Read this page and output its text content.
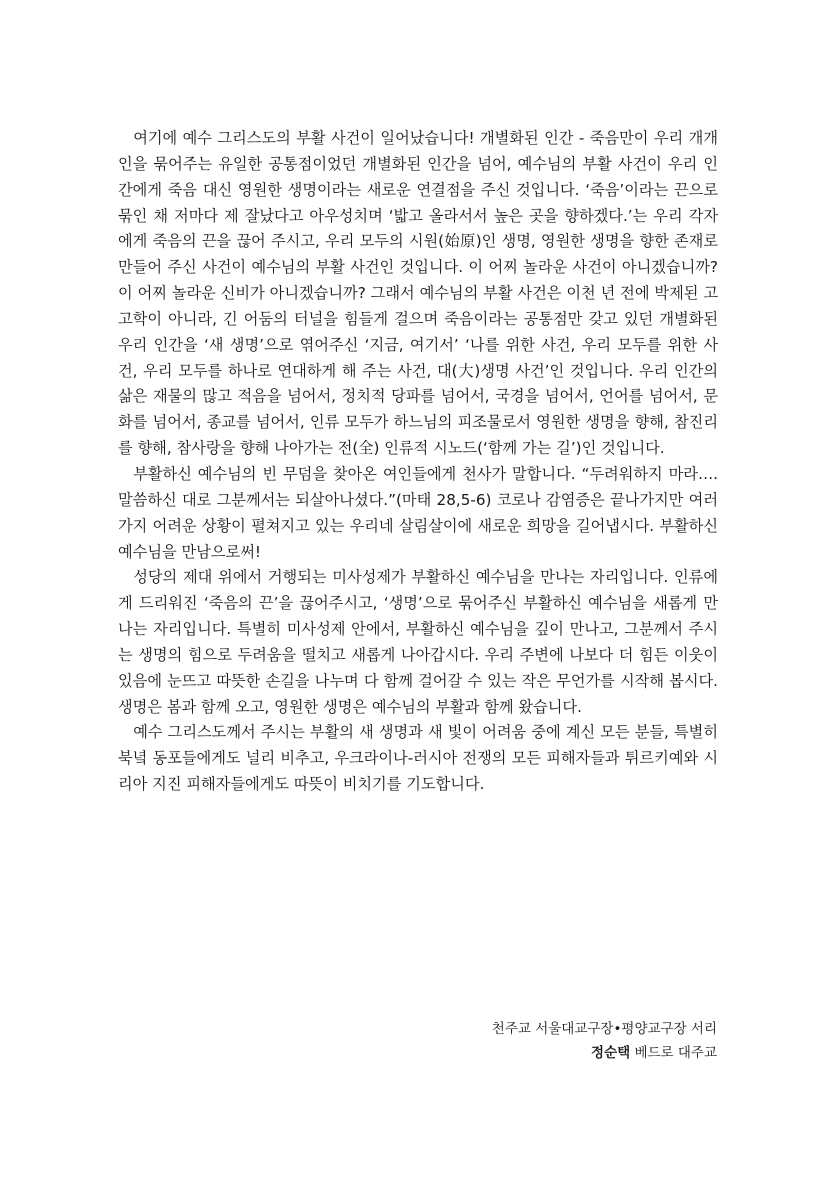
여기에 예수 그리스도의 부활 사건이 일어났습니다! 개별화된 인간 - 죽음만이 우리 개개인을 묶어주는 유일한 공통점이었던 개별화된 인간을 넘어, 예수님의 부활 사건이 우리 인간에게 죽음 대신 영원한 생명이라는 새로운 연결점을 주신 것입니다. ‘죽음’이라는 끈으로 묶인 채 저마다 제 잘났다고 아우성치며 ‘밟고 올라서서 높은 곳을 향하겠다.’는 우리 각자에게 죽음의 끈을 끊어 주시고, 우리 모두의 시원(始原)인 생명, 영원한 생명을 향한 존재로 만들어 주신 사건이 예수님의 부활 사건인 것입니다. 이 어찌 놀라운 사건이 아니겠습니까? 이 어찌 놀라운 신비가 아니겠습니까? 그래서 예수님의 부활 사건은 이천 년 전에 박제된 고고학이 아니라, 긴 어둠의 터널을 힘들게 걸으며 죽음이라는 공통점만 갖고 있던 개별화된 우리 인간을 ‘새 생명’으로 엮어주신 ‘지금, 여기서’ ‘나를 위한 사건, 우리 모두를 위한 사건, 우리 모두를 하나로 연대하게 해 주는 사건, 대(大)생명 사건’인 것입니다. 우리 인간의 삶은 재물의 많고 적음을 넘어서, 정치적 당파를 넘어서, 국경을 넘어서, 언어를 넘어서, 문화를 넘어서, 종교를 넘어서, 인류 모두가 하느님의 피조물로서 영원한 생명을 향해, 참진리를 향해, 참사랑을 향해 나아가는 전(全) 인류적 시노드(‘함께 가는 길’)인 것입니다.

부활하신 예수님의 빈 무덤을 찾아온 여인들에게 천사가 말합니다. “두려워하지 마라…. 말씀하신 대로 그분께서는 되살아나셨다.”(마태 28,5-6) 코로나 감염증은 끝나가지만 여러 가지 어려운 상황이 펼쳐지고 있는 우리네 살림살이에 새로운 희망을 길어냅시다. 부활하신 예수님을 만남으로써!

성당의 제대 위에서 거행되는 미사성제가 부활하신 예수님을 만나는 자리입니다. 인류에게 드리워진 ‘죽음의 끈’을 끊어주시고, ‘생명’으로 묶어주신 부활하신 예수님을 새롭게 만나는 자리입니다. 특별히 미사성제 안에서, 부활하신 예수님을 깊이 만나고, 그분께서 주시는 생명의 힘으로 두려움을 떨치고 새롭게 나아갑시다. 우리 주변에 나보다 더 힘든 이웃이 있음에 눈뜨고 따뜻한 손길을 나누며 다 함께 걸어갈 수 있는 작은 무언가를 시작해 봅시다. 생명은 봄과 함께 오고, 영원한 생명은 예수님의 부활과 함께 왔습니다.

예수 그리스도께서 주시는 부활의 새 생명과 새 빛이 어려움 중에 계신 모든 분들, 특별히 북녘 동포들에게도 널리 비추고, 우크라이나-러시아 전쟁의 모든 피해자들과 튀르키예와 시리아 지진 피해자들에게도 따뜻이 비치기를 기도합니다.

천주교 서울대교구장•평양교구장 서리
정순택 베드로 대주교
